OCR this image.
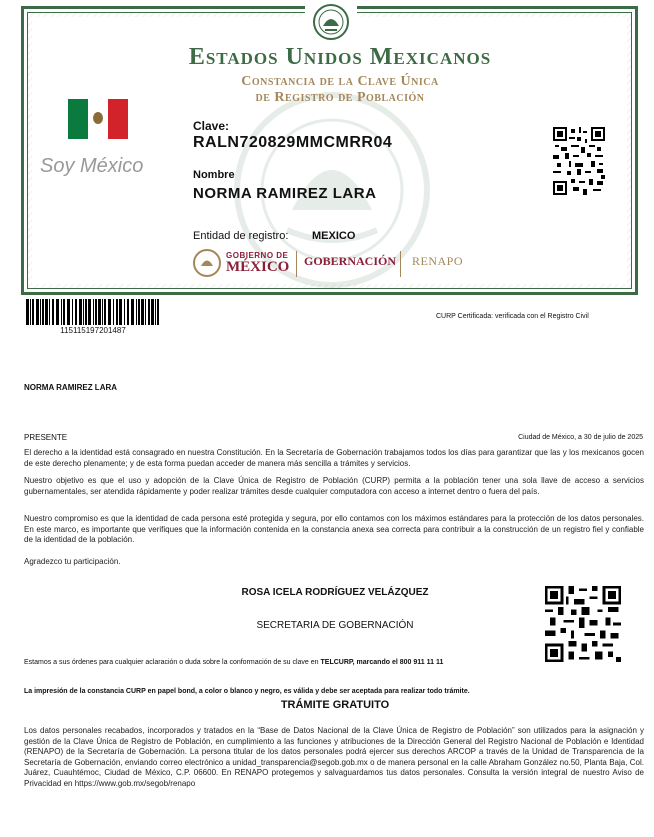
Estados Unidos Mexicanos
Constancia de la Clave Única
de Registro de Población
Soy México
Clave:
RALN720829MMCMRR04
Nombre
NORMA RAMIREZ LARA
Entidad de registro: MEXICO
GOBIERNO DE
MÉXICO GOBERNACIÓN RENAPO
115115197201487
CURP Certificada: verificada con el Registro Civil
NORMA RAMIREZ LARA
PRESENTE	Ciudad de México, a 30 de julio de 2025
El derecho a la identidad está consagrado en nuestra Constitución. En la Secretaría de Gobernación trabajamos todos los días para garantizar que las y los mexicanos gocen de este derecho plenamente; y de esta forma puedan acceder de manera más sencilla a trámites y servicios.
Nuestro objetivo es que el uso y adopción de la Clave Única de Registro de Población (CURP) permita a la población tener una sola llave de acceso a servicios gubernamentales, ser atendida rápidamente y poder realizar trámites desde cualquier computadora con acceso a internet dentro o fuera del país.
Nuestro compromiso es que la identidad de cada persona esté protegida y segura, por ello contamos con los máximos estándares para la protección de los datos personales. En este marco, es importante que verifiques que la información contenida en la constancia anexa sea correcta para contribuir a la construcción de un registro fiel y confiable de la identidad de la población.
Agradezco tu participación.
ROSA ICELA RODRÍGUEZ VELÁZQUEZ
SECRETARIA DE GOBERNACIÓN
Estamos a sus órdenes para cualquier aclaración o duda sobre la conformación de su clave en TELCURP, marcando el 800 911 11 11
La impresión de la constancia CURP en papel bond, a color o blanco y negro, es válida y debe ser aceptada para realizar todo trámite.
TRÁMITE GRATUITO
Los datos personales recabados, incorporados y tratados en la “Base de Datos Nacional de la Clave Única de Registro de Población” son utilizados para la asignación y gestión de la Clave Única de Registro de Población, en cumplimiento a las funciones y atribuciones de la Dirección General del Registro Nacional de Población e Identidad (RENAPO) de la Secretaría de Gobernación. La persona titular de los datos personales podrá ejercer sus derechos ARCOP a través de la Unidad de Transparencia de la Secretaría de Gobernación, enviando correo electrónico a unidad_transparencia@segob.gob.mx o de manera personal en la calle Abraham González no.50, Planta Baja, Col. Juárez, Cuauhtémoc, Ciudad de México, C.P. 06600. En RENAPO protegemos y salvaguardamos tus datos personales. Consulta la versión integral de nuestro Aviso de Privacidad en https://www.gob.mx/segob/renapo
